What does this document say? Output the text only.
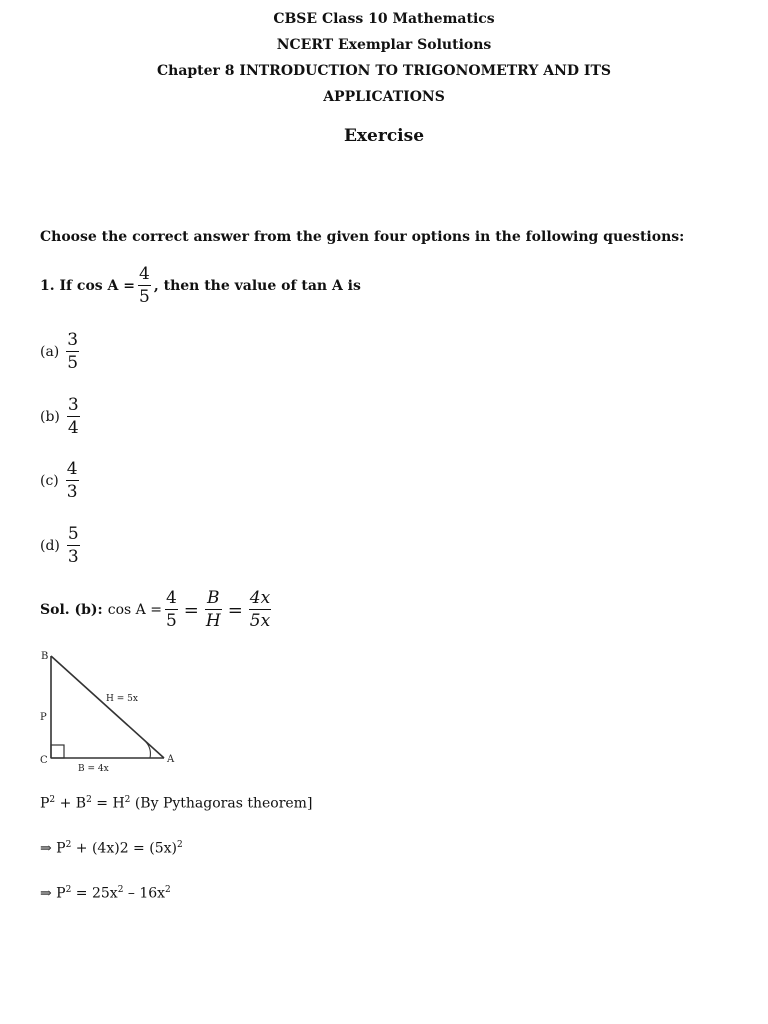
CBSE Class 10 Mathematics
NCERT Exemplar Solutions
Chapter 8 INTRODUCTION TO TRIGONOMETRY AND ITS
APPLICATIONS
Exercise
Choose the correct answer from the given four options in the following questions:
1. If $\cos A = \frac{4}{5}$ , then the value of tan A is
$(a) \frac{3}{5}$
$(b) \frac{3}{4}$
$(c) \frac{4}{3}$
$(d) \frac{5}{3}$
Sol. (b): $\cos A = \frac{4}{5} = \frac{B}{H} = \frac{4x}{5x}$
B
P
C	A
H = 5x
B = 4x
$P^2 + B^2 = H^2$ (By Pythagoras theorem]
⇒ $P^2 + (4x)2 = (5x)^2$
⇒ $P^2 = 25x^2 - 16x^2$
